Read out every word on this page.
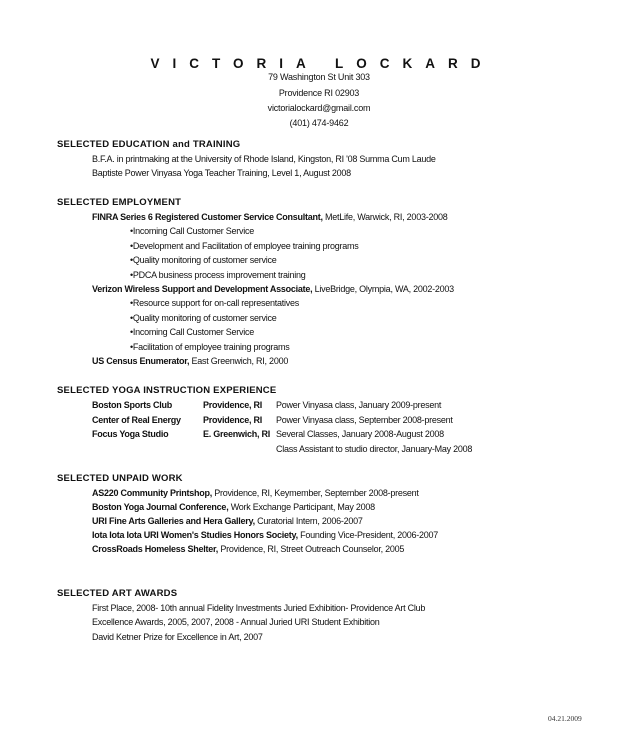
VICTORIA LOCKARD
79 Washington St Unit 303
Providence RI 02903
victorialockard@gmail.com
(401) 474-9462
SELECTED EDUCATION and TRAINING
B.F.A. in printmaking at the University of Rhode Island, Kingston, RI '08 Summa Cum Laude
Baptiste Power Vinyasa Yoga Teacher Training, Level 1, August 2008
SELECTED EMPLOYMENT
FINRA Series 6 Registered Customer Service Consultant, MetLife, Warwick, RI, 2003-2008
• Incoming Call Customer Service
• Development and Facilitation of employee training programs
• Quality monitoring of customer service
• PDCA business process improvement training
Verizon Wireless Support and Development Associate, LiveBridge, Olympia, WA, 2002-2003
• Resource support for on-call representatives
• Quality monitoring of customer service
• Incoming Call Customer Service
• Facilitation of employee training programs
US Census Enumerator, East Greenwich, RI, 2000
SELECTED YOGA INSTRUCTION EXPERIENCE
Boston Sports Club	Providence, RI Power Vinyasa class, January 2009-present
Center of Real Energy Providence, RI Power Vinyasa class, September 2008-present
Focus Yoga Studio	E. Greenwich, RI Several Classes, January 2008-August 2008
Class Assistant to studio director, January-May 2008
SELECTED UNPAID WORK
AS220 Community Printshop, Providence, RI, Keymember, September 2008-present
Boston Yoga Journal Conference, Work Exchange Participant, May 2008
URI Fine Arts Galleries and Hera Gallery, Curatorial Intern, 2006-2007
Iota Iota Iota URI Women's Studies Honors Society, Founding Vice-President, 2006-2007
CrossRoads Homeless Shelter, Providence, RI, Street Outreach Counselor, 2005
SELECTED ART AWARDS
First Place, 2008- 10th annual Fidelity Investments Juried Exhibition- Providence Art Club
Excellence Awards, 2005, 2007, 2008 - Annual Juried URI Student Exhibition
David Ketner Prize for Excellence in Art, 2007
04.21.2009
